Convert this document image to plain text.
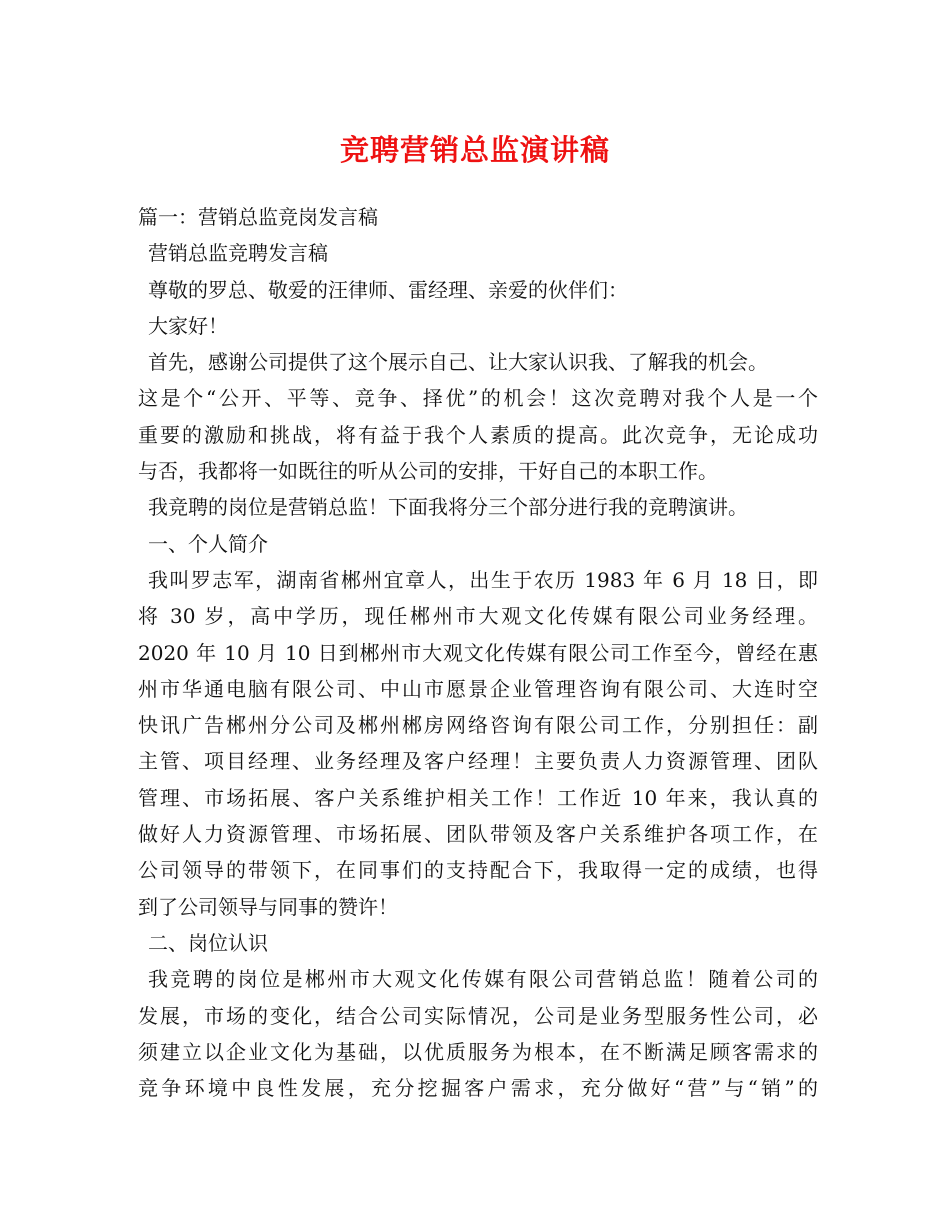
竞聘营销总监演讲稿
篇一：营销总监竞岗发言稿
营销总监竞聘发言稿
尊敬的罗总、敬爱的汪律师、雷经理、亲爱的伙伴们：
大家好！
首先，感谢公司提供了这个展示自己、让大家认识我、了解我的机会。
这是个“公开、平等、竞争、择优”的机会！这次竞聘对我个人是一个
重要的激励和挑战，将有益于我个人素质的提高。此次竞争，无论成功
与否，我都将一如既往的听从公司的安排，干好自己的本职工作。
我竞聘的岗位是营销总监！下面我将分三个部分进行我的竞聘演讲。
一、个人简介
我叫罗志军，湖南省郴州宜章人，出生于农历 1983 年 6 月 18 日，即
将 30 岁，高中学历，现任郴州市大观文化传媒有限公司业务经理。
2020 年 10 月 10 日到郴州市大观文化传媒有限公司工作至今，曾经在惠
州市华通电脑有限公司、中山市愿景企业管理咨询有限公司、大连时空
快讯广告郴州分公司及郴州郴房网络咨询有限公司工作，分别担任：副
主管、项目经理、业务经理及客户经理！主要负责人力资源管理、团队
管理、市场拓展、客户关系维护相关工作！工作近 10 年来，我认真的
做好人力资源管理、市场拓展、团队带领及客户关系维护各项工作，在
公司领导的带领下，在同事们的支持配合下，我取得一定的成绩，也得
到了公司领导与同事的赞许！
二、岗位认识
我竞聘的岗位是郴州市大观文化传媒有限公司营销总监！随着公司的
发展，市场的变化，结合公司实际情况，公司是业务型服务性公司，必
须建立以企业文化为基础，以优质服务为根本，在不断满足顾客需求的
竞争环境中良性发展，充分挖掘客户需求，充分做好“营”与“销”的
